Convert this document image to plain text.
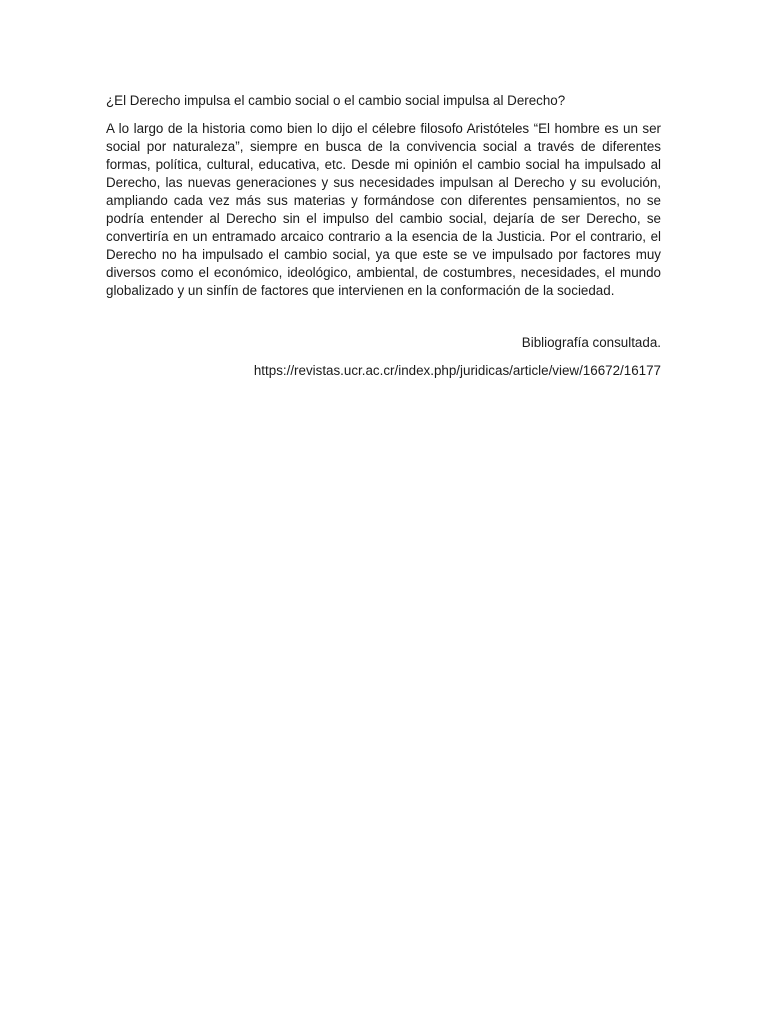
¿El Derecho impulsa el cambio social o el cambio social impulsa al Derecho?

A lo largo de la historia como bien lo dijo el célebre filosofo Aristóteles “El hombre es un ser social por naturaleza”, siempre en busca de la convivencia social a través de diferentes formas, política, cultural, educativa, etc. Desde mi opinión el cambio social ha impulsado al Derecho, las nuevas generaciones y sus necesidades impulsan al Derecho y su evolución, ampliando cada vez más sus materias y formándose con diferentes pensamientos, no se podría entender al Derecho sin el impulso del cambio social, dejaría de ser Derecho, se convertiría en un entramado arcaico contrario a la esencia de la Justicia. Por el contrario, el Derecho no ha impulsado el cambio social, ya que este se ve impulsado por factores muy diversos como el económico, ideológico, ambiental, de costumbres, necesidades, el mundo globalizado y un sinfín de factores que intervienen en la conformación de la sociedad.

Bibliografía consultada.

https://revistas.ucr.ac.cr/index.php/juridicas/article/view/16672/16177
